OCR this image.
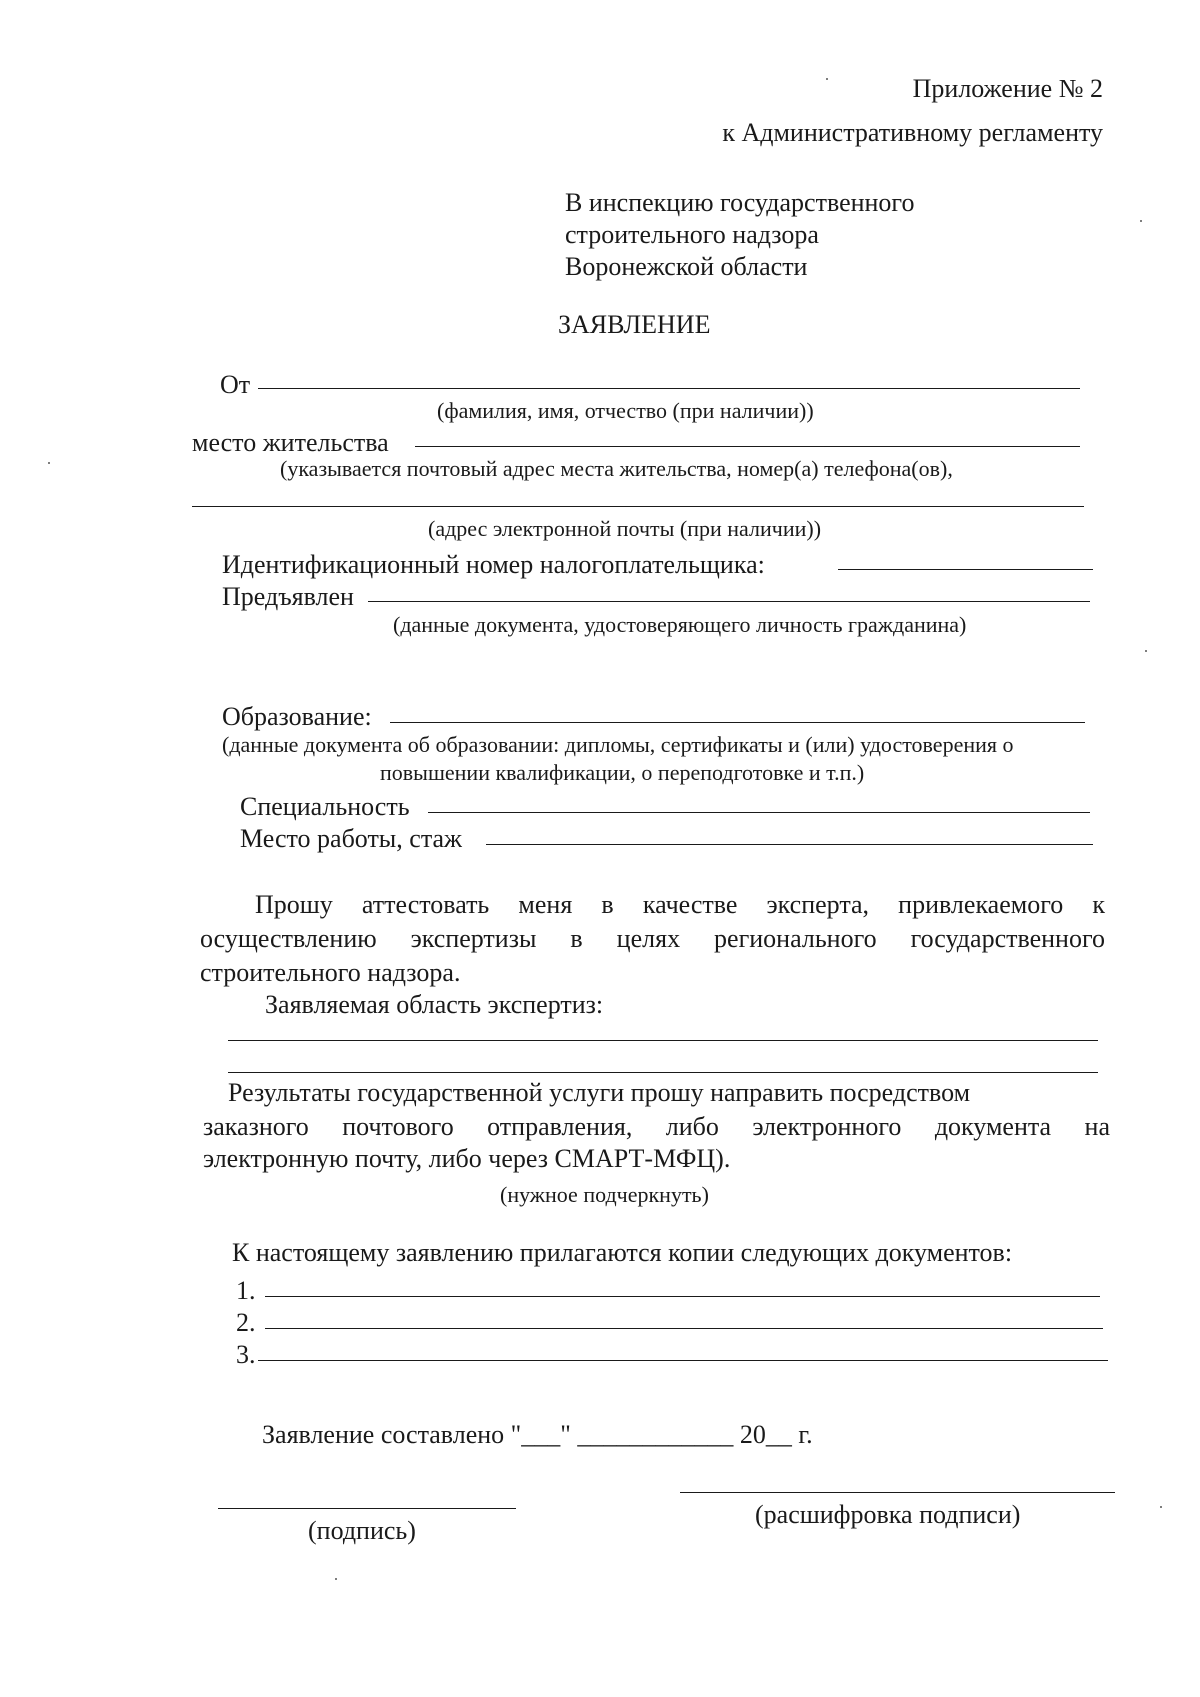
Приложение № 2
к Административному регламенту
В инспекцию государственного
строительного надзора
Воронежской области
ЗАЯВЛЕНИЕ
От
(фамилия, имя, отчество (при наличии))
место жительства
(указывается почтовый адрес места жительства, номер(а) телефона(ов),
(адрес электронной почты (при наличии))
Идентификационный номер налогоплательщика:
Предъявлен
(данные документа, удостоверяющего личность гражданина)
Образование:
(данные документа об образовании: дипломы, сертификаты и (или) удостоверения о
повышении квалификации, о переподготовке и т.п.)
Специальность
Место работы, стаж
Прошу аттестовать меня в качестве эксперта, привлекаемого к
осуществлению экспертизы в целях регионального государственного
строительного надзора.
Заявляемая область экспертиз:
Результаты государственной услуги прошу направить посредством
заказного почтового отправления, либо электронного документа на
электронную почту, либо через СМАРТ-МФЦ).
(нужное подчеркнуть)
К настоящему заявлению прилагаются копии следующих документов:
1.
2.
3.
Заявление составлено "___" ____________ 20__ г.
(подпись)
(расшифровка подписи)
